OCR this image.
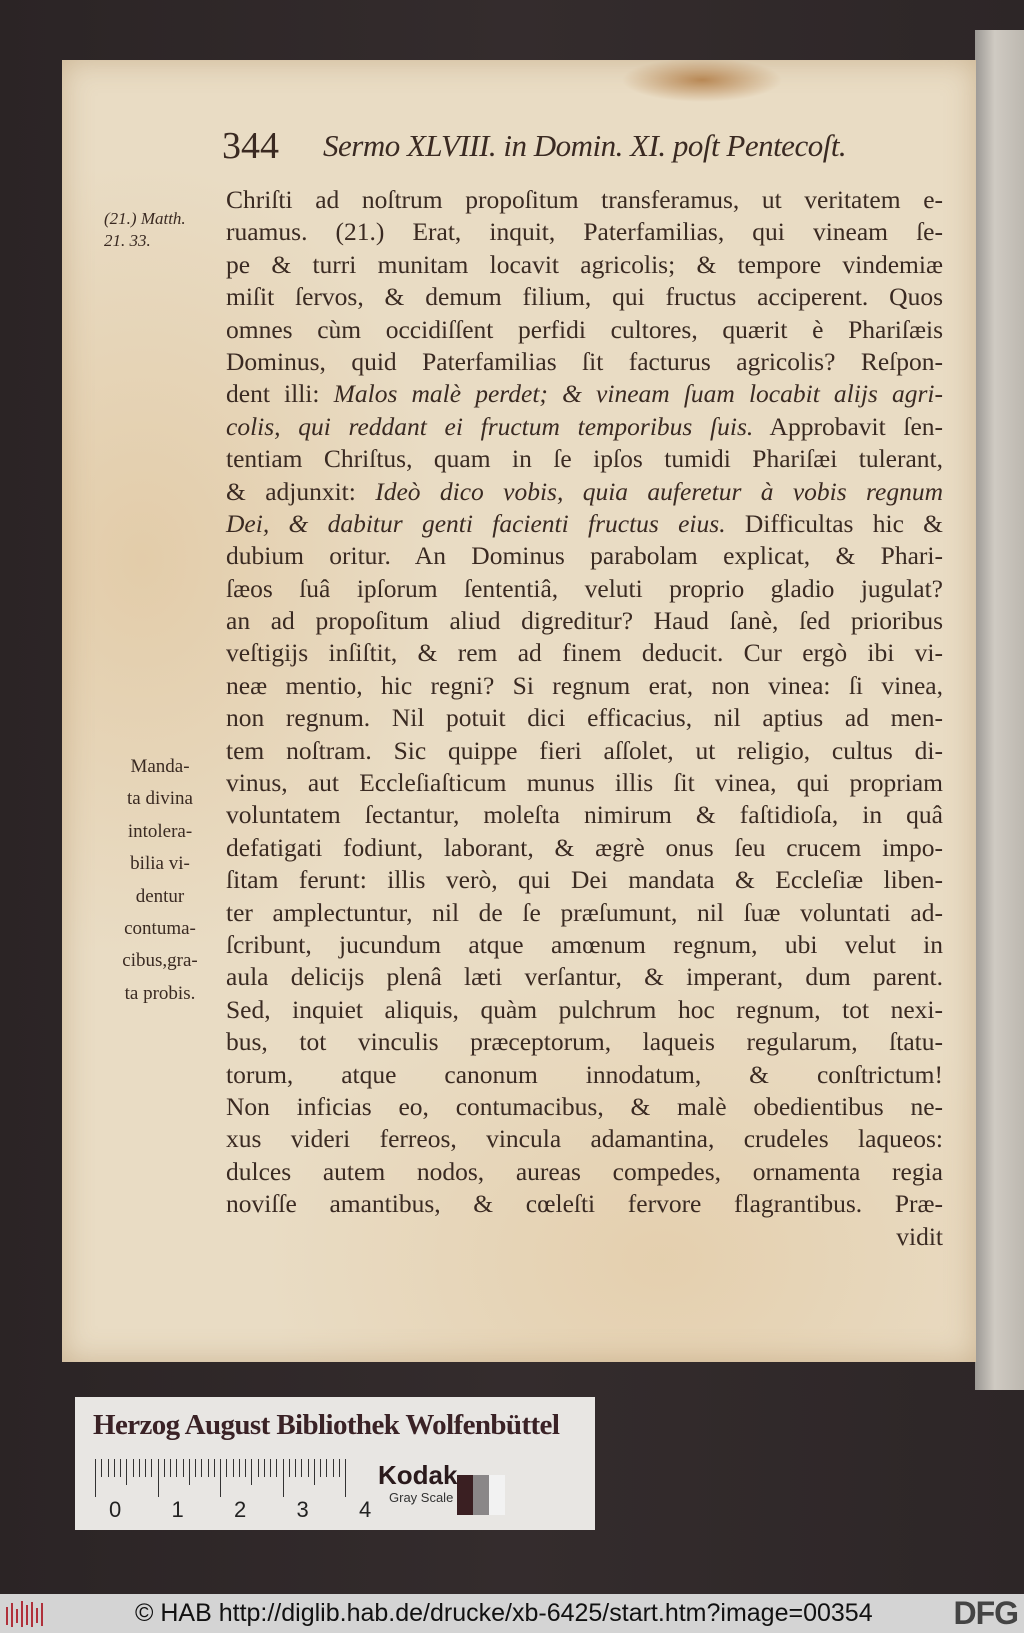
344 Sermo XLVIII. in Domin. XI. poſt Pentecoſt.
(21.) Matth.
21. 33.
Manda-
ta divina
intolera-
bilia vi-
dentur
contuma-
cibus,gra-
ta probis.
Chriſti ad noſtrum propoſitum transferamus, ut veritatem e-
ruamus. (21.) Erat, inquit, Paterfamilias, qui vineam ſe-
pe & turri munitam locavit agricolis; & tempore vindemiæ
miſit ſervos, & demum filium, qui fructus acciperent. Quos
omnes cùm occidiſſent perfidi cultores, quærit è Phariſæis
Dominus, quid Paterfamilias ſit facturus agricolis? Reſpon-
dent illi: Malos malè perdet; & vineam ſuam locabit alijs agri-
colis, qui reddant ei fructum temporibus ſuis. Approbavit ſen-
tentiam Chriſtus, quam in ſe ipſos tumidi Phariſæi tulerant,
& adjunxit: Ideò dico vobis, quia auferetur à vobis regnum
Dei, & dabitur genti facienti fructus eius. Difficultas hic &
dubium oritur. An Dominus parabolam explicat, & Phari-
ſæos ſuâ ipſorum ſententiâ, veluti proprio gladio jugulat?
an ad propoſitum aliud digreditur? Haud ſanè, ſed prioribus
veſtigijs inſiſtit, & rem ad finem deducit. Cur ergò ibi vi-
neæ mentio, hic regni? Si regnum erat, non vinea: ſi vinea,
non regnum. Nil potuit dici efficacius, nil aptius ad men-
tem noſtram. Sic quippe fieri aſſolet, ut religio, cultus di-
vinus, aut Eccleſiaſticum munus illis ſit vinea, qui propriam
voluntatem ſectantur, moleſta nimirum & faſtidioſa, in quâ
defatigati fodiunt, laborant, & ægrè onus ſeu crucem impo-
ſitam ferunt: illis verò, qui Dei mandata & Eccleſiæ liben-
ter amplectuntur, nil de ſe præſumunt, nil ſuæ voluntati ad-
ſcribunt, jucundum atque amœnum regnum, ubi velut in
aula delicijs plenâ læti verſantur, & imperant, dum parent.
Sed, inquiet aliquis, quàm pulchrum hoc regnum, tot nexi-
bus, tot vinculis præceptorum, laqueis regularum, ſtatu-
torum, atque canonum innodatum, & conſtrictum!
Non inficias eo, contumacibus, & malè obedientibus ne-
xus videri ferreos, vincula adamantina, crudeles laqueos:
dulces autem nodos, aureas compedes, ornamenta regia
noviſſe amantibus, & cœleſti fervore flagrantibus. Præ-
vidit
Herzog August Bibliothek Wolfenbüttel
0 1 2 3 4
Kodak
Gray Scale
© HAB http://diglib.hab.de/drucke/xb-6425/start.htm?image=00354	DFG
